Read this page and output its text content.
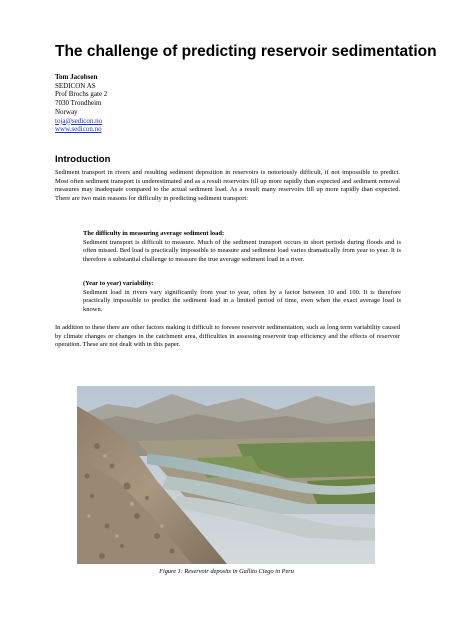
The challenge of predicting reservoir sedimentation
Tom Jacobsen
SEDICON AS
Prof Brochs gate 2
7030 Trondheim
Norway
toja@sedicon.no
www.sedicon.no
Introduction
Sediment transport in rivers and resulting sediment deposition in reservoirs is notoriously difficult, if not impossible to predict. Most often sediment transport is underestimated and as a result reservoirs fill up more rapidly than expected and sediment removal measures may inadequate compared to the actual sediment load. As a result many reservoirs fill up more rapidly than expected. There are two main reasons for difficulty in predicting sediment transport:
The difficulty in measuring average sediment load:
Sediment transport is difficult to measure. Much of the sediment transport occurs in short periods during floods and is often missed. Bed load is practically impossible to measure and sediment load varies dramatically from year to year. It is therefore a substantial challenge to measure the true average sediment load in a river.
(Year to year) variability:
Sediment load in rivers vary significantly from year to year, often by a factor between 10 and 100. It is therefore practically impossible to predict the sediment load in a limited period of time, even when the exact average load is known.
In addition to these there are other factors making it difficult to foresee reservoir sedimentation, such as long term variability caused by climate changes or changes in the catchment area, difficulties in assessing reservoir trap efficiency and the effects of reservoir operation. These are not dealt with in this paper.
Figure 1: Reservoir deposits in Gallito Ciego in Peru
